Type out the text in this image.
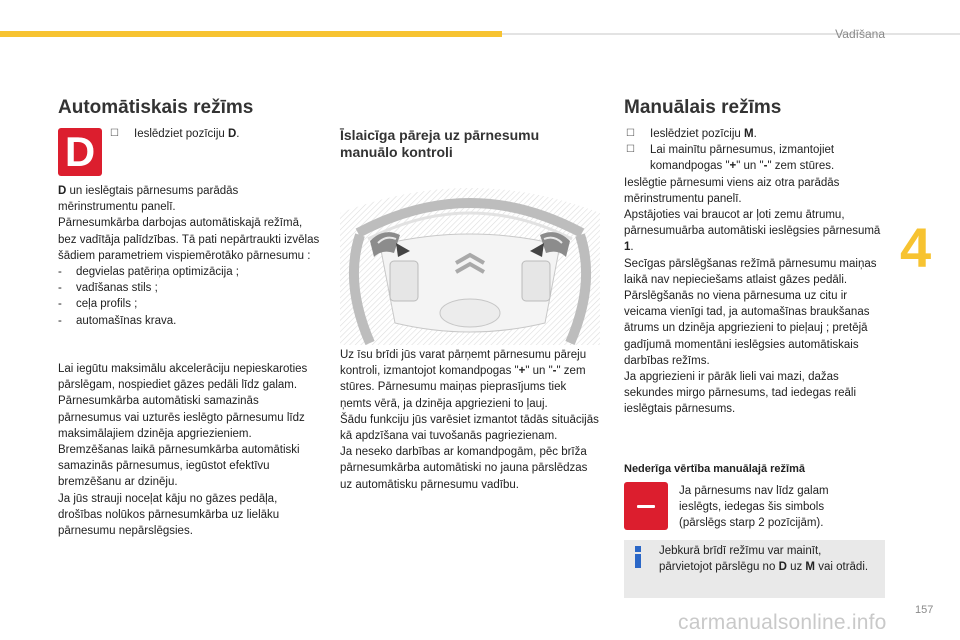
Vadīšana
4
Automātiskais režīms
D	☐ Ieslēdziet pozīciju D.

D un ieslēgtais pārnesums parādās mērinstrumentu panelī.

Pārnesumkārba darbojas automātiskajā režīmā, bez vadītāja palīdzības. Tā pati nepārtraukti izvēlas šādiem parametriem vispiemērotāko pārnesumu :

- degvielas patēriņa optimizācija ;
- vadīšanas stils ;
- ceļa profils ;
- automašīnas krava.

Lai iegūtu maksimālu akcelerāciju nepieskaroties pārslēgam, nospiediet gāzes pedāli līdz galam. Pārnesumkārba automātiski samazinās pārnesumus vai uzturēs ieslēgto pārnesumu līdz maksimālajiem dzinēja apgriezieniem.

Bremzēšanas laikā pārnesumkārba automātiski samazinās pārnesumus, iegūstot efektīvu bremzēšanu ar dzinēju.

Ja jūs strauji noceļat kāju no gāzes pedāļa, drošības nolūkos pārnesumkārba uz lielāku pārnesumu nepārslēgsies.

Īslaicīga pāreja uz pārnesumu manuālo kontroli

Uz īsu brīdi jūs varat pārņemt pārnesumu pāreju kontroli, izmantojot komandpogas "+" un "-" zem stūres. Pārnesumu maiņas pieprasījums tiek ņemts vērā, ja dzinēja apgriezieni to ļauj.

Šādu funkciju jūs varēsiet izmantot tādās situācijās kā apdzīšana vai tuvošanās pagriezienam.

Ja neseko darbības ar komandpogām, pēc brīža pārnesumkārba automātiski no jauna pārslēdzas uz automātisku pārnesumu vadību.

Manuālais režīms
☐ Ieslēdziet pozīciju M.
☐ Lai mainītu pārnesumus, izmantojiet komandpogas "+" un "-" zem stūres.

Ieslēgtie pārnesumi viens aiz otra parādās mērinstrumentu panelī.

Apstājoties vai braucot ar ļoti zemu ātrumu, pārnesumuārba automātiski ieslēgsies pārnesumā 1.

Secīgas pārslēgšanas režīmā pārnesumu maiņas laikā nav nepieciešams atlaist gāzes pedāli.

Pārslēgšanās no viena pārnesuma uz citu ir veicama vienīgi tad, ja automašīnas braukšanas ātrums un dzinēja apgriezieni to pieļauj ; pretējā gadījumā momentāni ieslēgsies automātiskais darbības režīms.

Ja apgriezieni ir pārāk lieli vai mazi, dažas sekundes mirgo pārnesums, tad iedegas reāli ieslēgtais pārnesums.

Nederīga vērtība manuālajā režīmā
Ja pārnesums nav līdz galam ieslēgts, iedegas šis simbols (pārslēgs starp 2 pozīcijām).
Jebkurā brīdī režīmu var mainīt, pārvietojot pārslēgu no D uz M vai otrādi.
carmanualsonline.info
157
